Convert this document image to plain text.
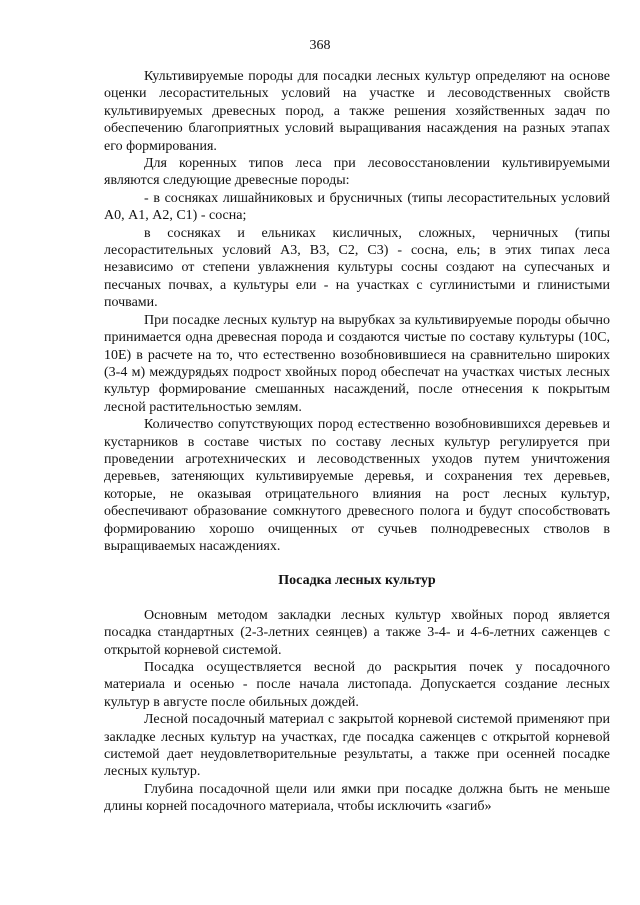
368

Культивируемые породы для посадки лесных культур определяют на основе оценки лесорастительных условий на участке и лесоводственных свойств культивируемых древесных пород, а также решения хозяйственных задач по обеспечению благоприятных условий выращивания насаждения на разных этапах его формирования.

Для коренных типов леса при лесовосстановлении культивируемыми являются следующие древесные породы:

- в сосняках лишайниковых и брусничных (типы лесорастительных условий А0, А1, А2, С1) - сосна;

в сосняках и ельниках кисличных, сложных, черничных (типы лесорастительных условий А3, В3, С2, С3) - сосна, ель; в этих типах леса независимо от степени увлажнения культуры сосны создают на супесчаных и песчаных почвах, а культуры ели - на участках с суглинистыми и глинистыми почвами.

При посадке лесных культур на вырубках за культивируемые породы обычно принимается одна древесная порода и создаются чистые по составу культуры (10С, 10Е) в расчете на то, что естественно возобновившиеся на сравнительно широких (3-4 м) междурядьях подрост хвойных пород обеспечат на участках чистых лесных культур формирование смешанных насаждений, после отнесения к покрытым лесной растительностью землям.

Количество сопутствующих пород естественно возобновившихся деревьев и кустарников в составе чистых по составу лесных культур регулируется при проведении агротехнических и лесоводственных уходов путем уничтожения деревьев, затеняющих культивируемые деревья, и сохранения тех деревьев, которые, не оказывая отрицательного влияния на рост лесных культур, обеспечивают образование сомкнутого древесного полога и будут способствовать формированию хорошо очищенных от сучьев полнодревесных стволов в выращиваемых насаждениях.

Посадка лесных культур

Основным методом закладки лесных культур хвойных пород является посадка стандартных (2-3-летних сеянцев) а также 3-4- и 4-6-летних саженцев с открытой корневой системой.

Посадка осуществляется весной до раскрытия почек у посадочного материала и осенью - после начала листопада. Допускается создание лесных культур в августе после обильных дождей.

Лесной посадочный материал с закрытой корневой системой применяют при закладке лесных культур на участках, где посадка саженцев с открытой корневой системой дает неудовлетворительные результаты, а также при осенней посадке лесных культур.

Глубина посадочной щели или ямки при посадке должна быть не меньше длины корней посадочного материала, чтобы исключить «загиб»
